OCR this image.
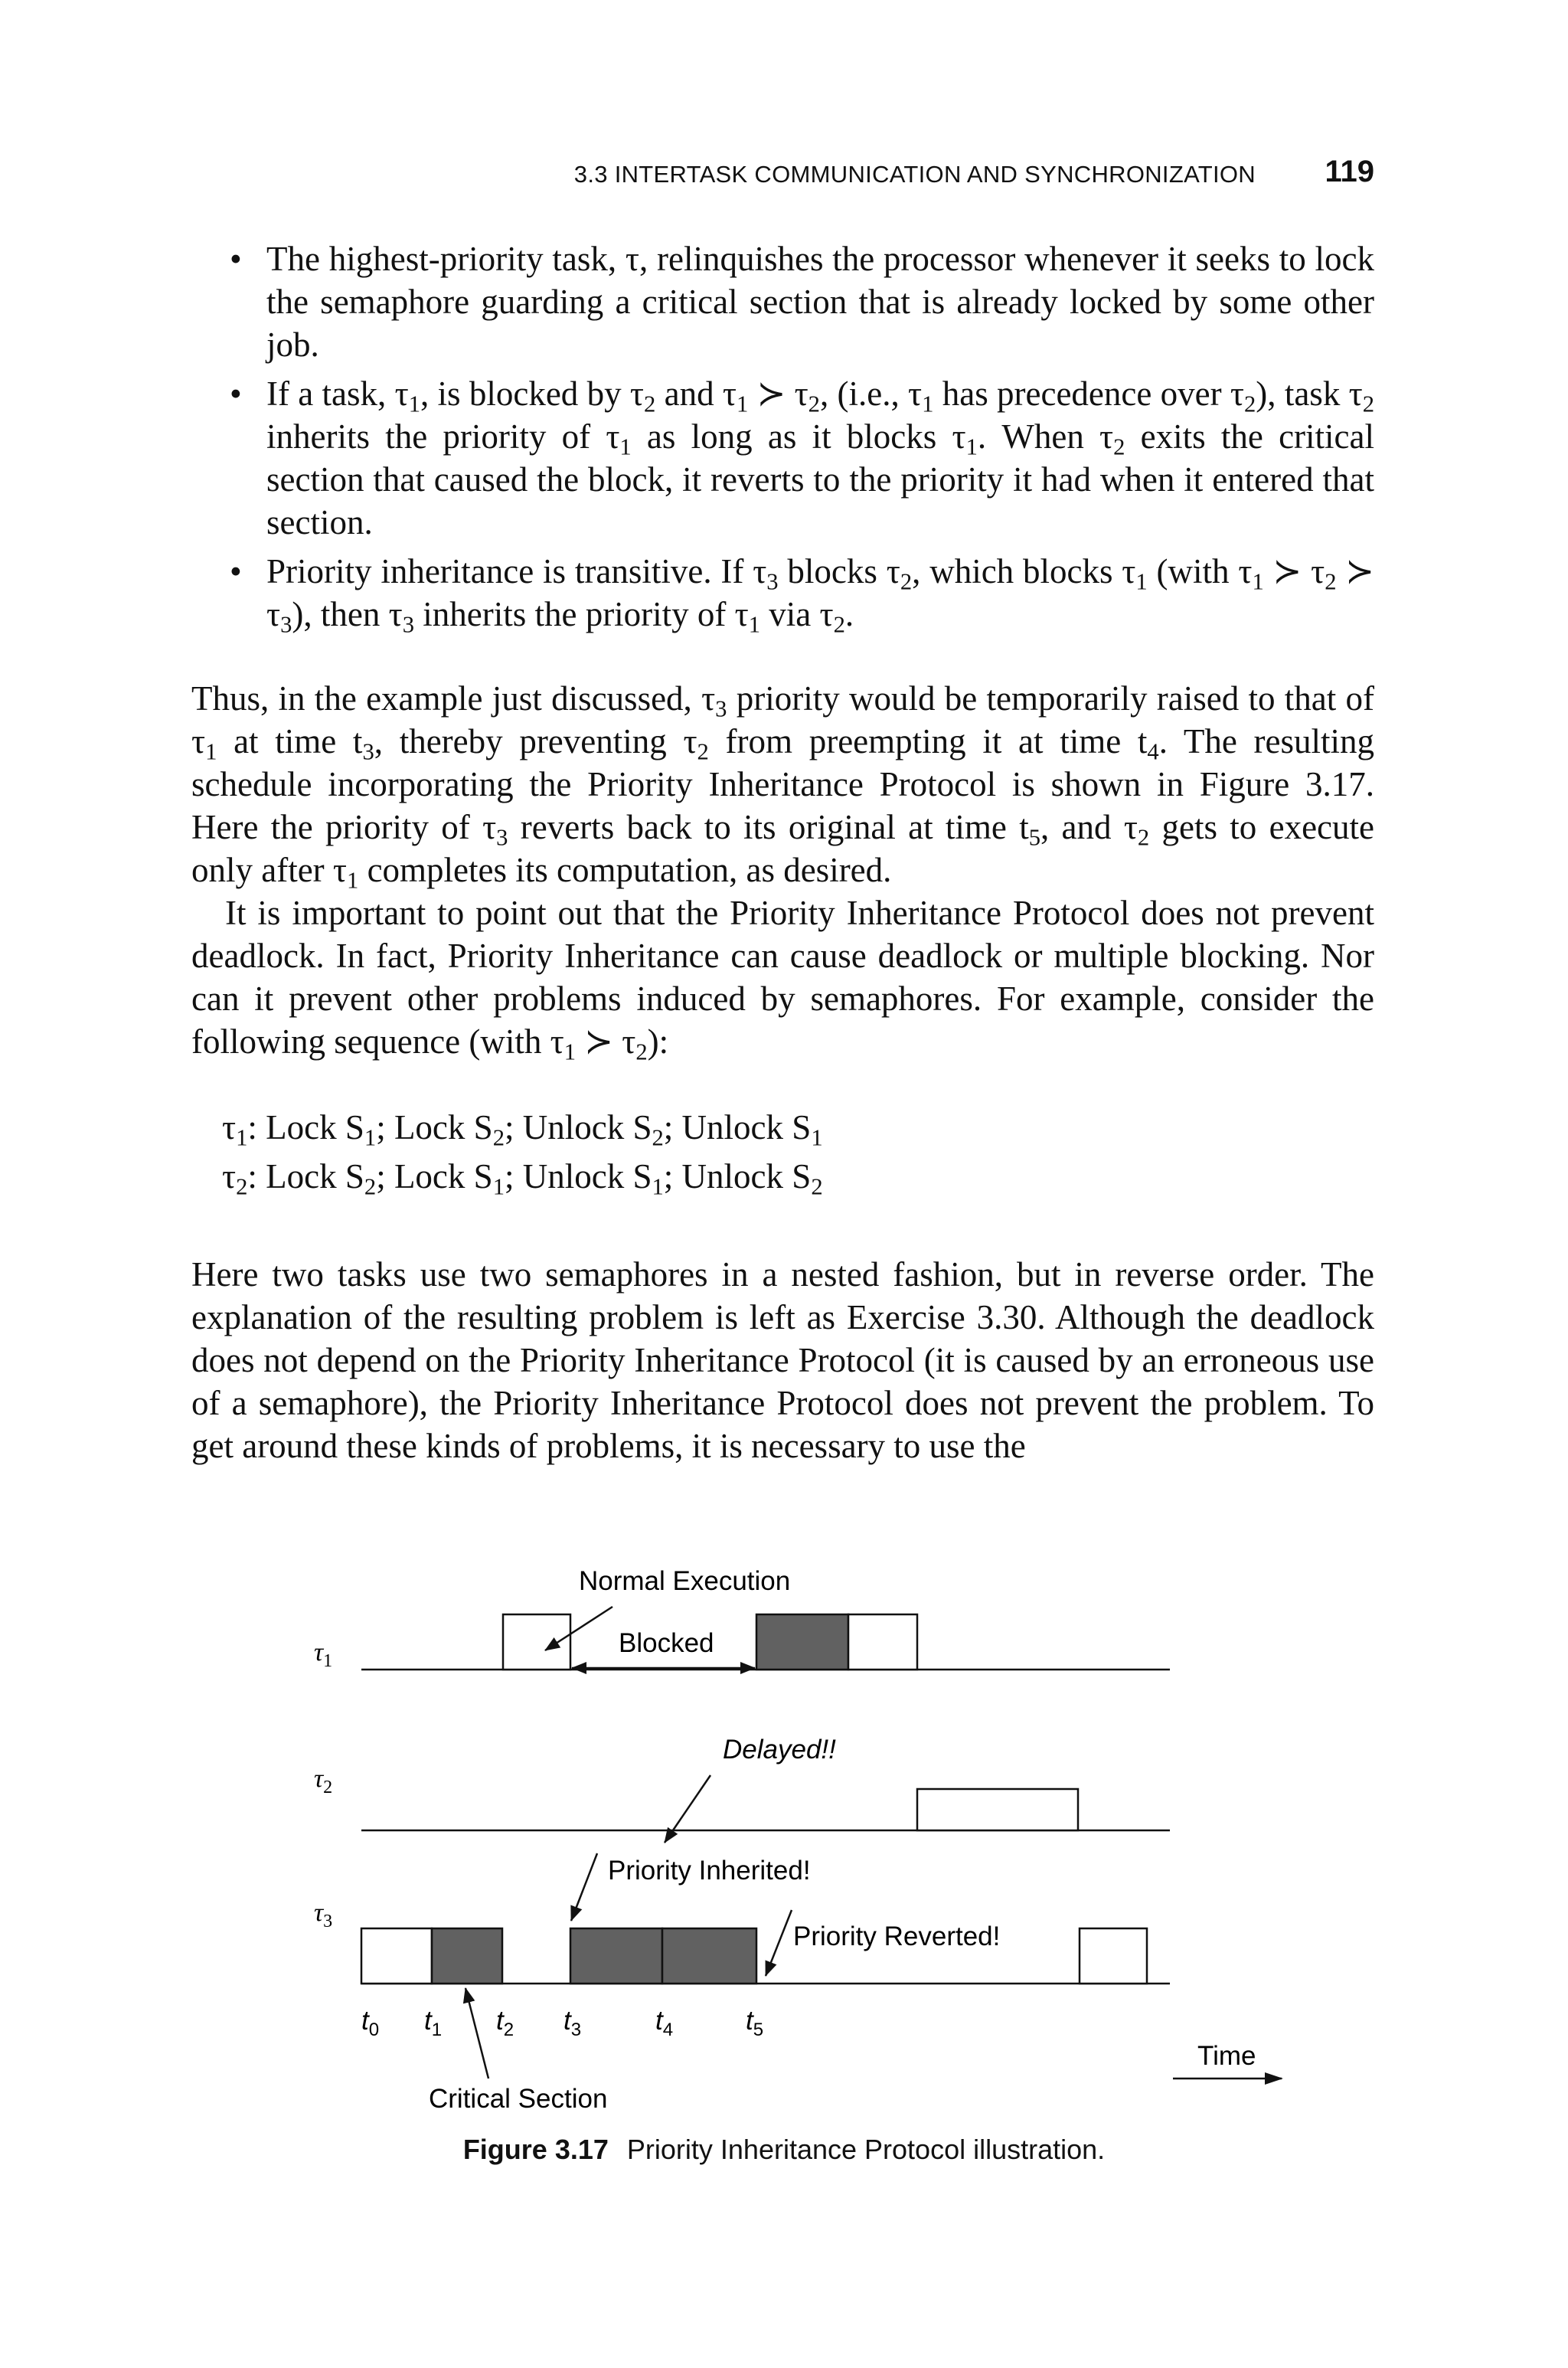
3.3 INTERTASK COMMUNICATION AND SYNCHRONIZATION 119
• The highest-priority task, τ, relinquishes the processor whenever it seeks to lock the semaphore guarding a critical section that is already locked by some other job.
• If a task, $\tau_1$, is blocked by $\tau_2$ and $\tau_1$ ≻ $\tau_2$, (i.e., $\tau_1$ has precedence over $\tau_2$), task $\tau_2$ inherits the priority of $\tau_1$ as long as it blocks $\tau_1$. When $\tau_2$ exits the critical section that caused the block, it reverts to the priority it had when it entered that section.
• Priority inheritance is transitive. If $\tau_3$ blocks $\tau_2$, which blocks $\tau_1$ (with $\tau_1$ ≻ $\tau_2$ ≻ $\tau_3$), then $\tau_3$ inherits the priority of $\tau_1$ via $\tau_2$.
Thus, in the example just discussed, $\tau_3$ priority would be temporarily raised to that of $\tau_1$ at time $t_3$, thereby preventing $\tau_2$ from preempting it at time $t_4$. The resulting schedule incorporating the Priority Inheritance Protocol is shown in Figure 3.17. Here the priority of $\tau_3$ reverts back to its original at time $t_5$, and $\tau_2$ gets to execute only after $\tau_1$ completes its computation, as desired.
It is important to point out that the Priority Inheritance Protocol does not prevent deadlock. In fact, Priority Inheritance can cause deadlock or multiple blocking. Nor can it prevent other problems induced by semaphores. For example, consider the following sequence (with $\tau_1$ ≻ $\tau_2$):
$\tau_1$: Lock $S_1$; Lock $S_2$; Unlock $S_2$; Unlock $S_1$
$\tau_2$: Lock $S_2$; Lock $S_1$; Unlock $S_1$; Unlock $S_2$
Here two tasks use two semaphores in a nested fashion, but in reverse order. The explanation of the resulting problem is left as Exercise 3.30. Although the deadlock does not depend on the Priority Inheritance Protocol (it is caused by an erroneous use of a semaphore), the Priority Inheritance Protocol does not prevent the problem. To get around these kinds of problems, it is necessary to use the
$\tau_1$
$\tau_2$
$\tau_3$
Normal Execution
Blocked
Delayed!!
Priority Inherited!
Priority Reverted!
$t_0$ $t_1$ $t_2$ $t_3$	$t_4$	$t_5$
Critical Section
Time
Figure 3.17 Priority Inheritance Protocol illustration.
